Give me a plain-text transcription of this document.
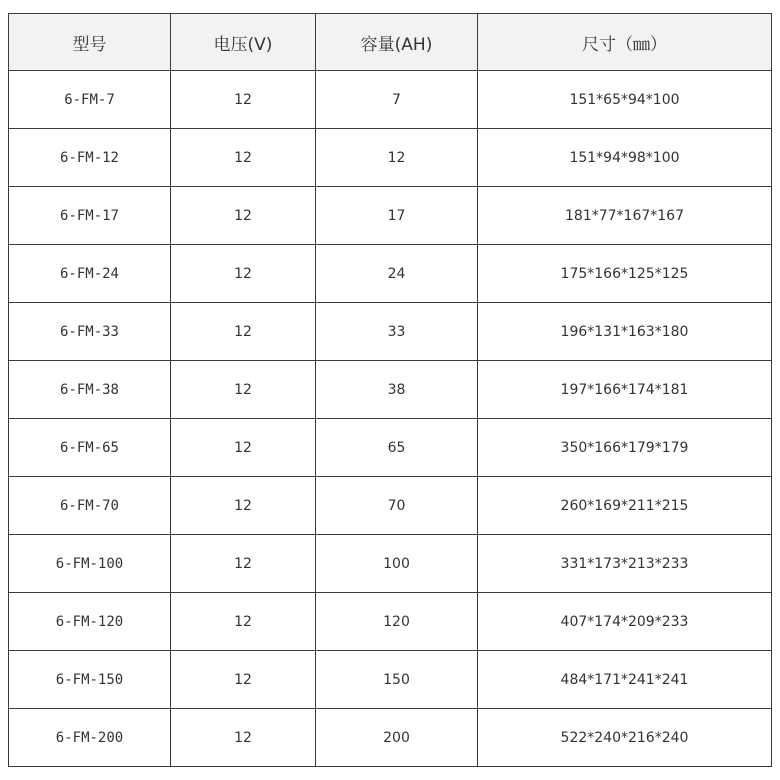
型号	电压(V)	容量(AH)	尺寸（㎜）
6-FM-7	12	7	151*65*94*100
6-FM-12	12	12	151*94*98*100
6-FM-17	12	17	181*77*167*167
6-FM-24	12	24	175*166*125*125
6-FM-33	12	33	196*131*163*180
6-FM-38	12	38	197*166*174*181
6-FM-65	12	65	350*166*179*179
6-FM-70	12	70	260*169*211*215
6-FM-100	12	100	331*173*213*233
6-FM-120	12	120	407*174*209*233
6-FM-150	12	150	484*171*241*241
6-FM-200	12	200	522*240*216*240
